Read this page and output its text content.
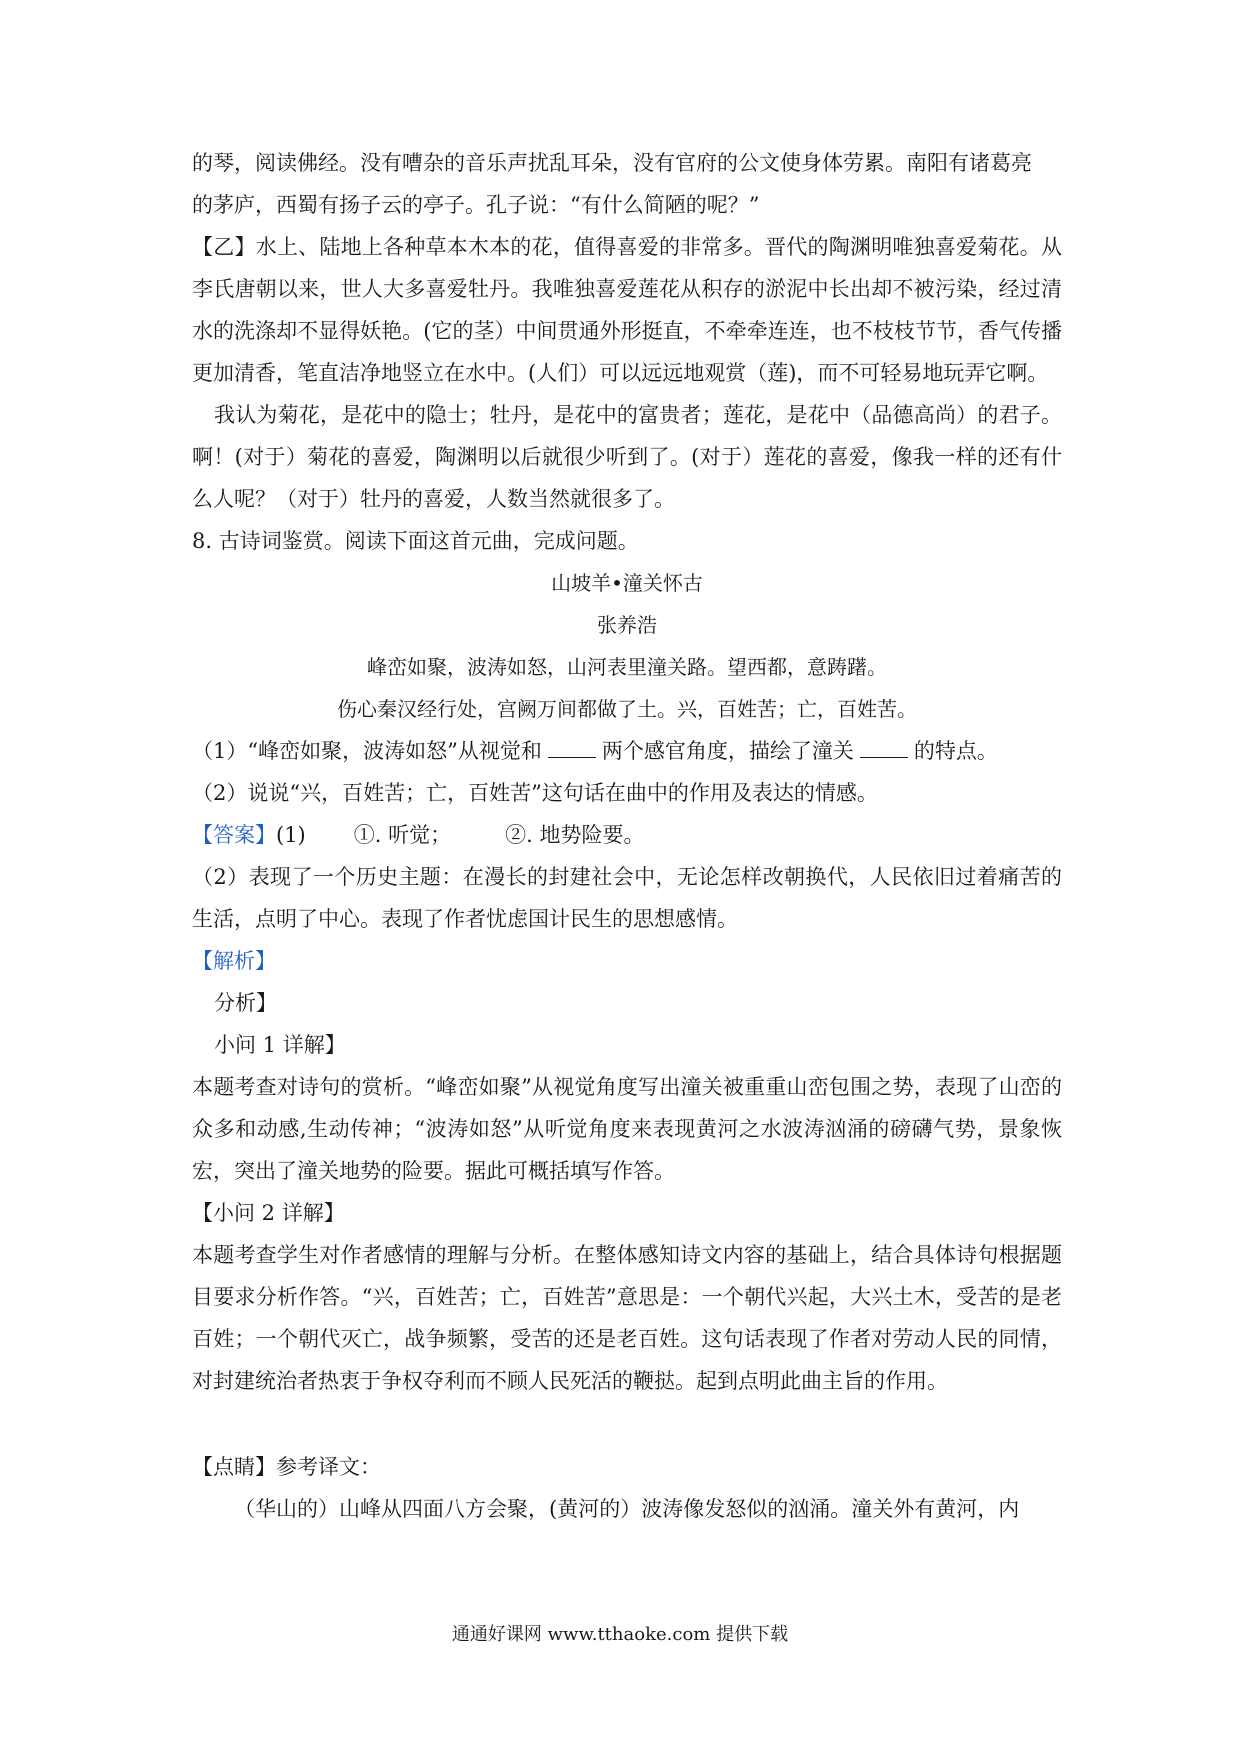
的琴，阅读佛经。没有嘈杂的音乐声扰乱耳朵，没有官府的公文使身体劳累。南阳有诸葛亮

的茅庐，西蜀有扬子云的亭子。孔子说：“有什么简陋的呢？”

【乙】水上、陆地上各种草本木本的花，值得喜爱的非常多。晋代的陶渊明唯独喜爱菊花。从李氏唐朝以来，世人大多喜爱牡丹。我唯独喜爱莲花从积存的淤泥中长出却不被污染，经过清水的洗涤却不显得妖艳。(它的茎）中间贯通外形挺直，不牵牵连连，也不枝枝节节，香气传播更加清香，笔直洁净地竖立在水中。(人们）可以远远地观赏（莲)，而不可轻易地玩弄它啊。

我认为菊花，是花中的隐士；牡丹，是花中的富贵者；莲花，是花中（品德高尚）的君子。啊！(对于）菊花的喜爱，陶渊明以后就很少听到了。(对于）莲花的喜爱，像我一样的还有什么人呢？（对于）牡丹的喜爱，人数当然就很多了。

8. 古诗词鉴赏。阅读下面这首元曲，完成问题。

山坡羊•潼关怀古

张养浩

峰峦如聚，波涛如怒，山河表里潼关路。望西都，意踌躇。

伤心秦汉经行处，宫阙万间都做了土。兴，百姓苦；亡，百姓苦。

（1）“峰峦如聚，波涛如怒”从视觉和	两个感官角度，描绘了潼关	的特点。

（2）说说“兴，百姓苦；亡，百姓苦”这句话在曲中的作用及表达的情感。

【答案】(1) ①. 听觉；	②. 地势险要。

（2）表现了一个历史主题：在漫长的封建社会中，无论怎样改朝换代，人民依旧过着痛苦的生活，点明了中心。表现了作者忧虑国计民生的思想感情。

【解析】

分析】

小问 1 详解】

本题考查对诗句的赏析。“峰峦如聚”从视觉角度写出潼关被重重山峦包围之势，表现了山峦的众多和动感,生动传神；“波涛如怒”从听觉角度来表现黄河之水波涛汹涌的磅礴气势，景象恢宏，突出了潼关地势的险要。据此可概括填写作答。

【小问 2 详解】

本题考查学生对作者感情的理解与分析。在整体感知诗文内容的基础上，结合具体诗句根据题目要求分析作答。“兴，百姓苦；亡，百姓苦”意思是：一个朝代兴起，大兴土木，受苦的是老百姓；一个朝代灭亡，战争频繁，受苦的还是老百姓。这句话表现了作者对劳动人民的同情，对封建统治者热衷于争权夺利而不顾人民死活的鞭挞。起到点明此曲主旨的作用。

【点睛】参考译文：

（华山的）山峰从四面八方会聚，(黄河的）波涛像发怒似的汹涌。潼关外有黄河，内

通通好课网 www.tthaoke.com 提供下载
